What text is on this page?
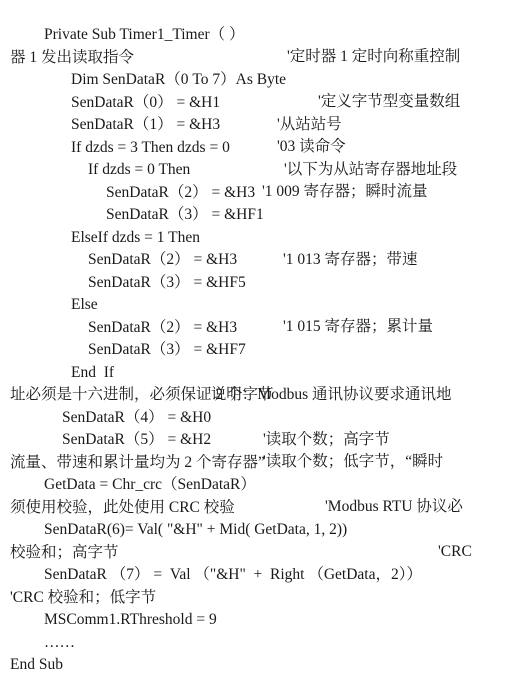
Private Sub Timer1_Timer（ ）

'定时器 1 定时向称重控制

器 1 发出读取指令

Dim SenDataR（0 To 7）As Byte

'定义字节型变量数组

SenDataR（0） = &H1

'从站站号

SenDataR（1） = &H3

'03 读命令

If dzds = 3 Then dzds = 0

'以下为从站寄存器地址段

If dzds = 0 Then

'1 009 寄存器；瞬时流量

SenDataR（2） = &H3

SenDataR（3） = &HF1

ElseIf dzds = 1 Then

'1 013 寄存器；带速

SenDataR（2） = &H3

SenDataR（3） = &HF5

Else

'1 015 寄存器；累计量

SenDataR（2） = &H3

SenDataR（3） = &HF7

End  If

'说明：Modbus 通讯协议要求通讯地

址必须是十六进制，必须保证 2 个字节

SenDataR（4） = &H0

'读取个数；高字节

SenDataR（5） = &H2

'读取个数；低字节，“瞬时

流量、带速和累计量均为 2 个寄存器”

GetData = Chr_crc（SenDataR）

'Modbus RTU 协议必

须使用校验，此处使用 CRC 校验

SenDataR(6)= Val( "&H" + Mid( GetData, 1, 2))

'CRC

校验和；高字节

SenDataR （7） =  Val （"&H"  +  Right （GetData，2））

'CRC 校验和；低字节

MSComm1.RThreshold = 9

……

End Sub
